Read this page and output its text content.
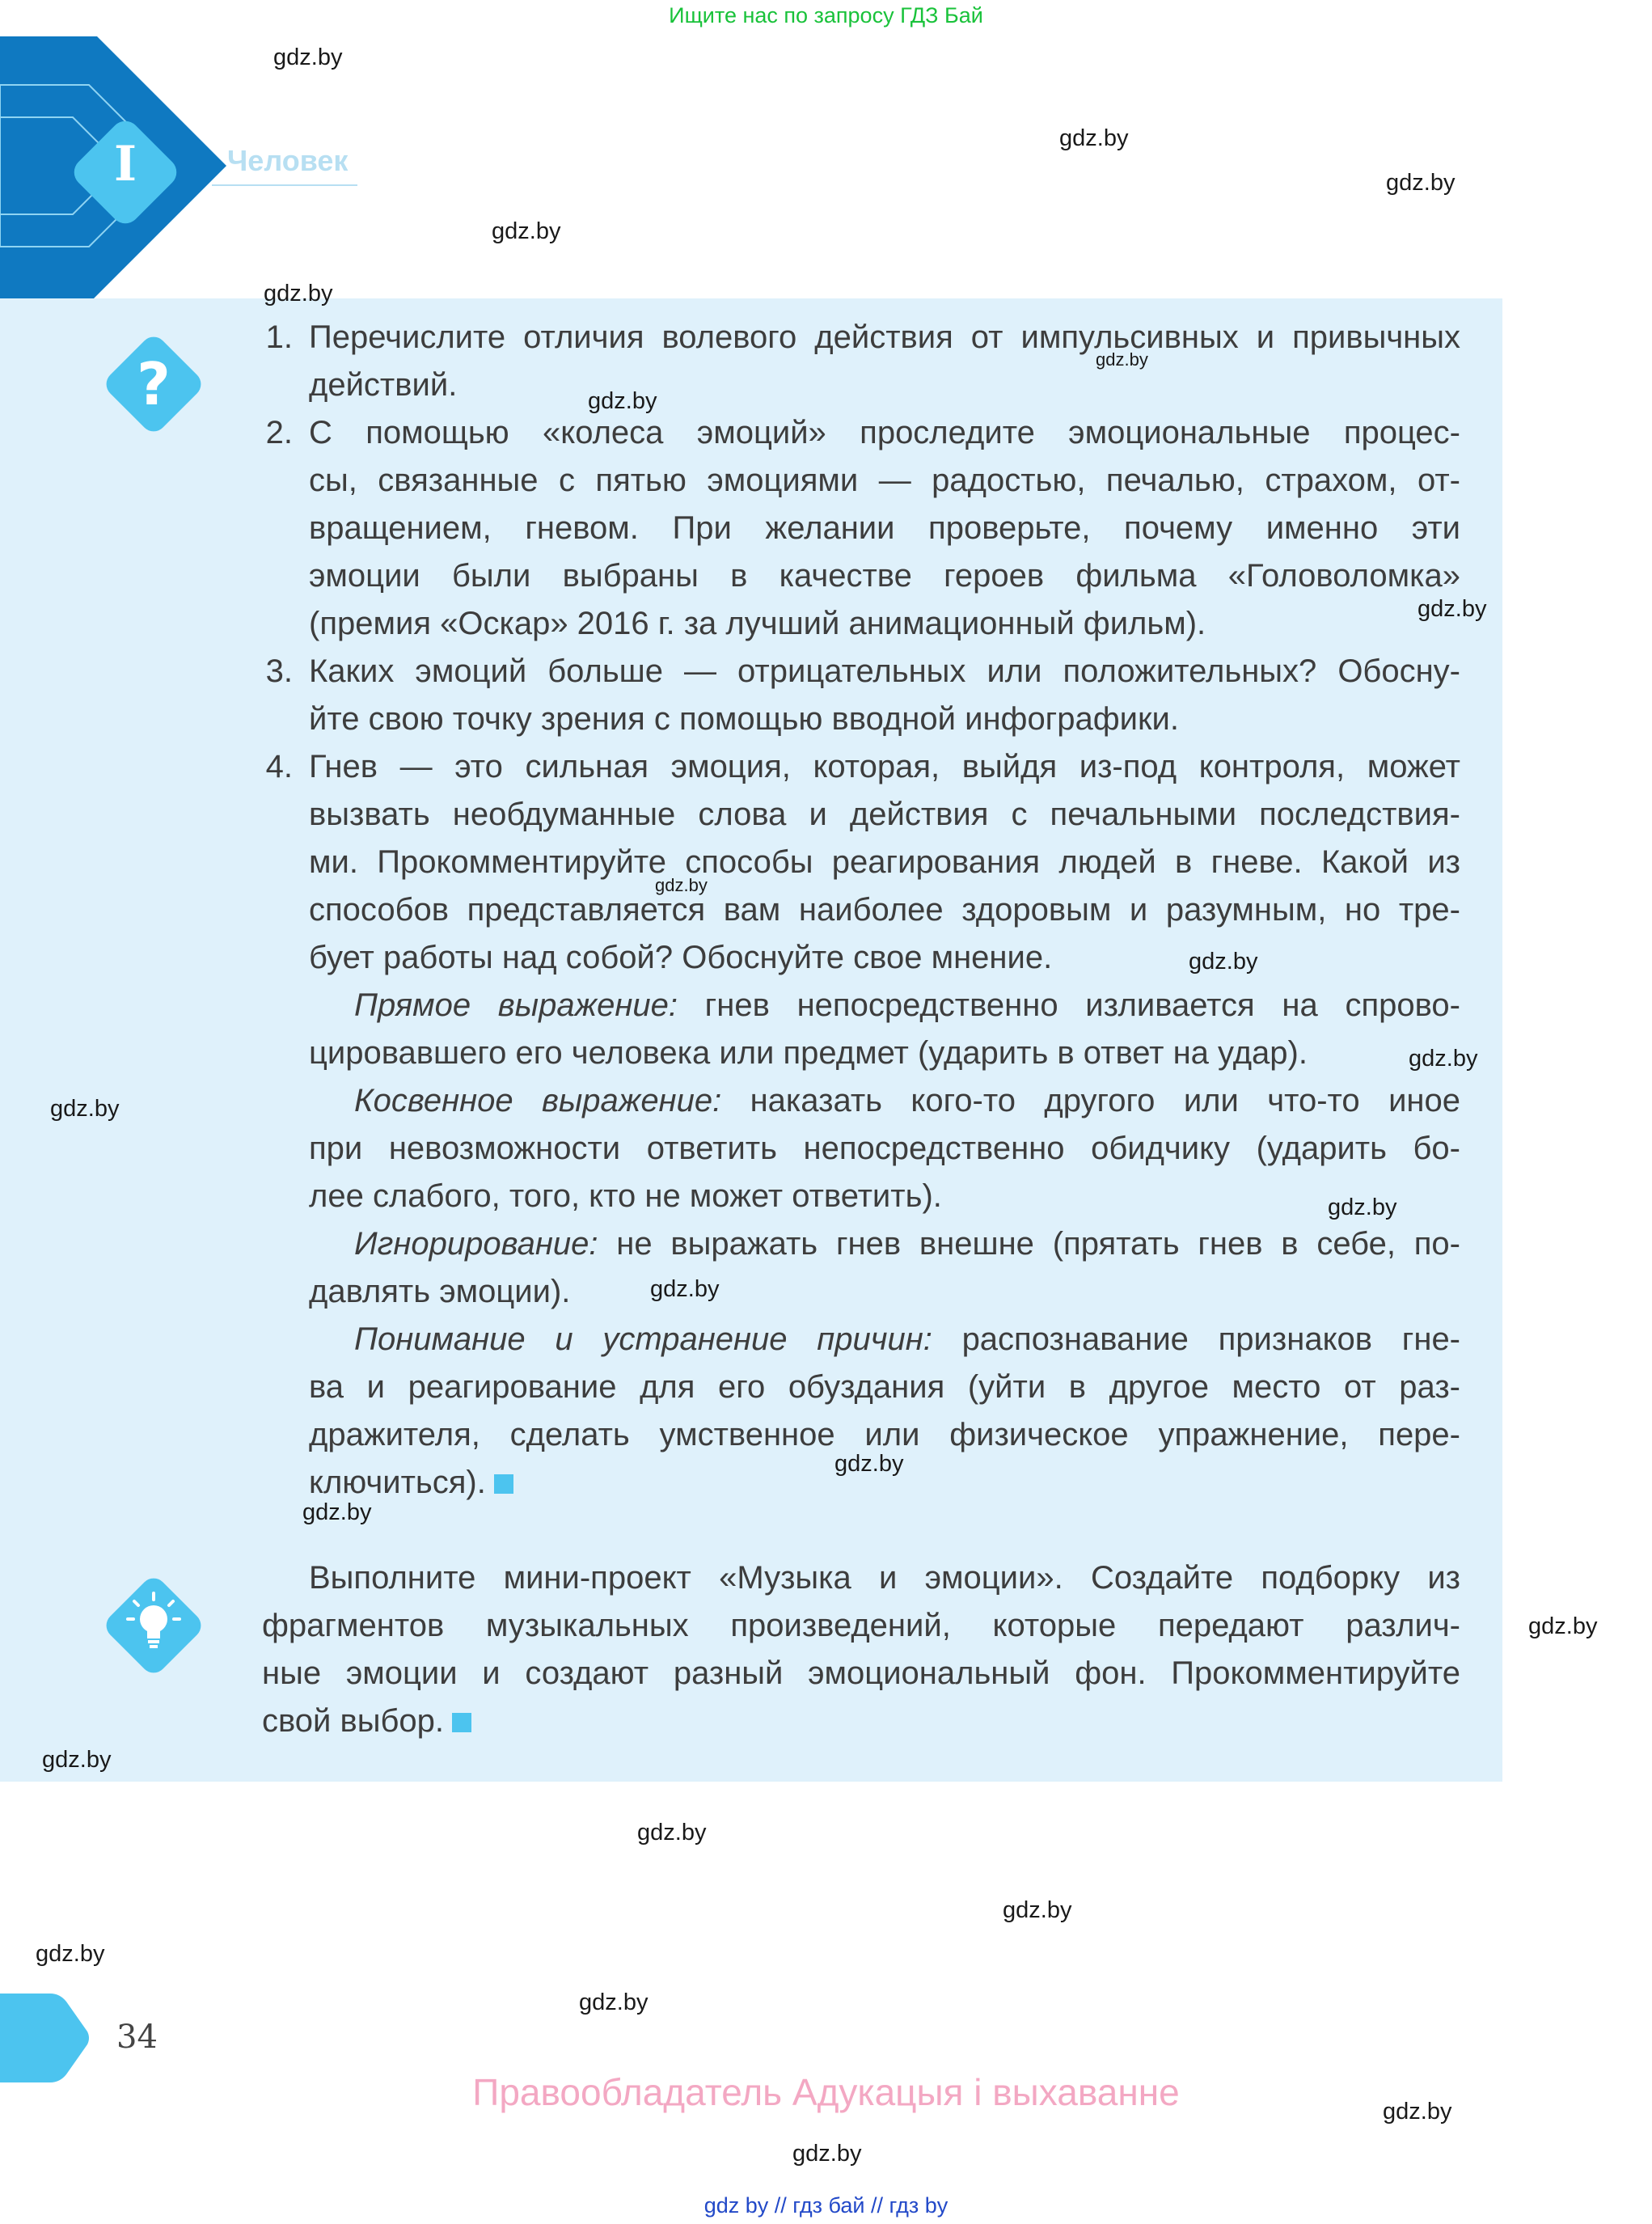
Ищите нас по запросу ГДЗ Бай
I	Человек
?
1. Перечислите отличия волевого действия от импульсивных и привычных
действий.
2. С помощью «колеса эмоций» проследите эмоциональные процес-
сы, связанные с пятью эмоциями — радостью, печалью, страхом, от-
вращением, гневом. При желании проверьте, почему именно эти
эмоции были выбраны в качестве героев фильма «Головоломка»
(премия «Оскар» 2016 г. за лучший анимационный фильм).
3. Каких эмоций больше — отрицательных или положительных? Обосну-
йте свою точку зрения с помощью вводной инфографики.
4. Гнев — это сильная эмоция, которая, выйдя из-под контроля, может
вызвать необдуманные слова и действия с печальными последствия-
ми. Прокомментируйте способы реагирования людей в гневе. Какой из
способов представляется вам наиболее здоровым и разумным, но тре-
бует работы над собой? Обоснуйте свое мнение.
Прямое выражение: гнев непосредственно изливается на спрово-
цировавшего его человека или предмет (ударить в ответ на удар).
Косвенное выражение: наказать кого-то другого или что-то иное
при невозможности ответить непосредственно обидчику (ударить бо-
лее слабого, того, кто не может ответить).
Игнорирование: не выражать гнев внешне (прятать гнев в себе, по-
давлять эмоции).
Понимание и устранение причин: распознавание признаков гне-
ва и реагирование для его обуздания (уйти в другое место от раз-
дражителя, сделать умственное или физическое упражнение, пере-
ключиться).
Выполните мини-проект «Музыка и эмоции». Создайте подборку из
фрагментов музыкальных произведений, которые передают различ-
ные эмоции и создают разный эмоциональный фон. Прокомментируйте
свой выбор.
gdz.by
gdz.by
gdz.by
gdz.by
gdz.by
gdz.by
gdz.by
gdz.by
gdz.by
gdz.by
gdz.by
gdz.by
gdz.by
gdz.by
gdz.by
gdz.by
gdz.by
gdz.by
gdz.by
gdz.by
gdz.by
gdz.by
gdz.by
gdz.by
34
Правообладатель Адукацыя і выхаванне
gdz by // гдз бай // гдз by
